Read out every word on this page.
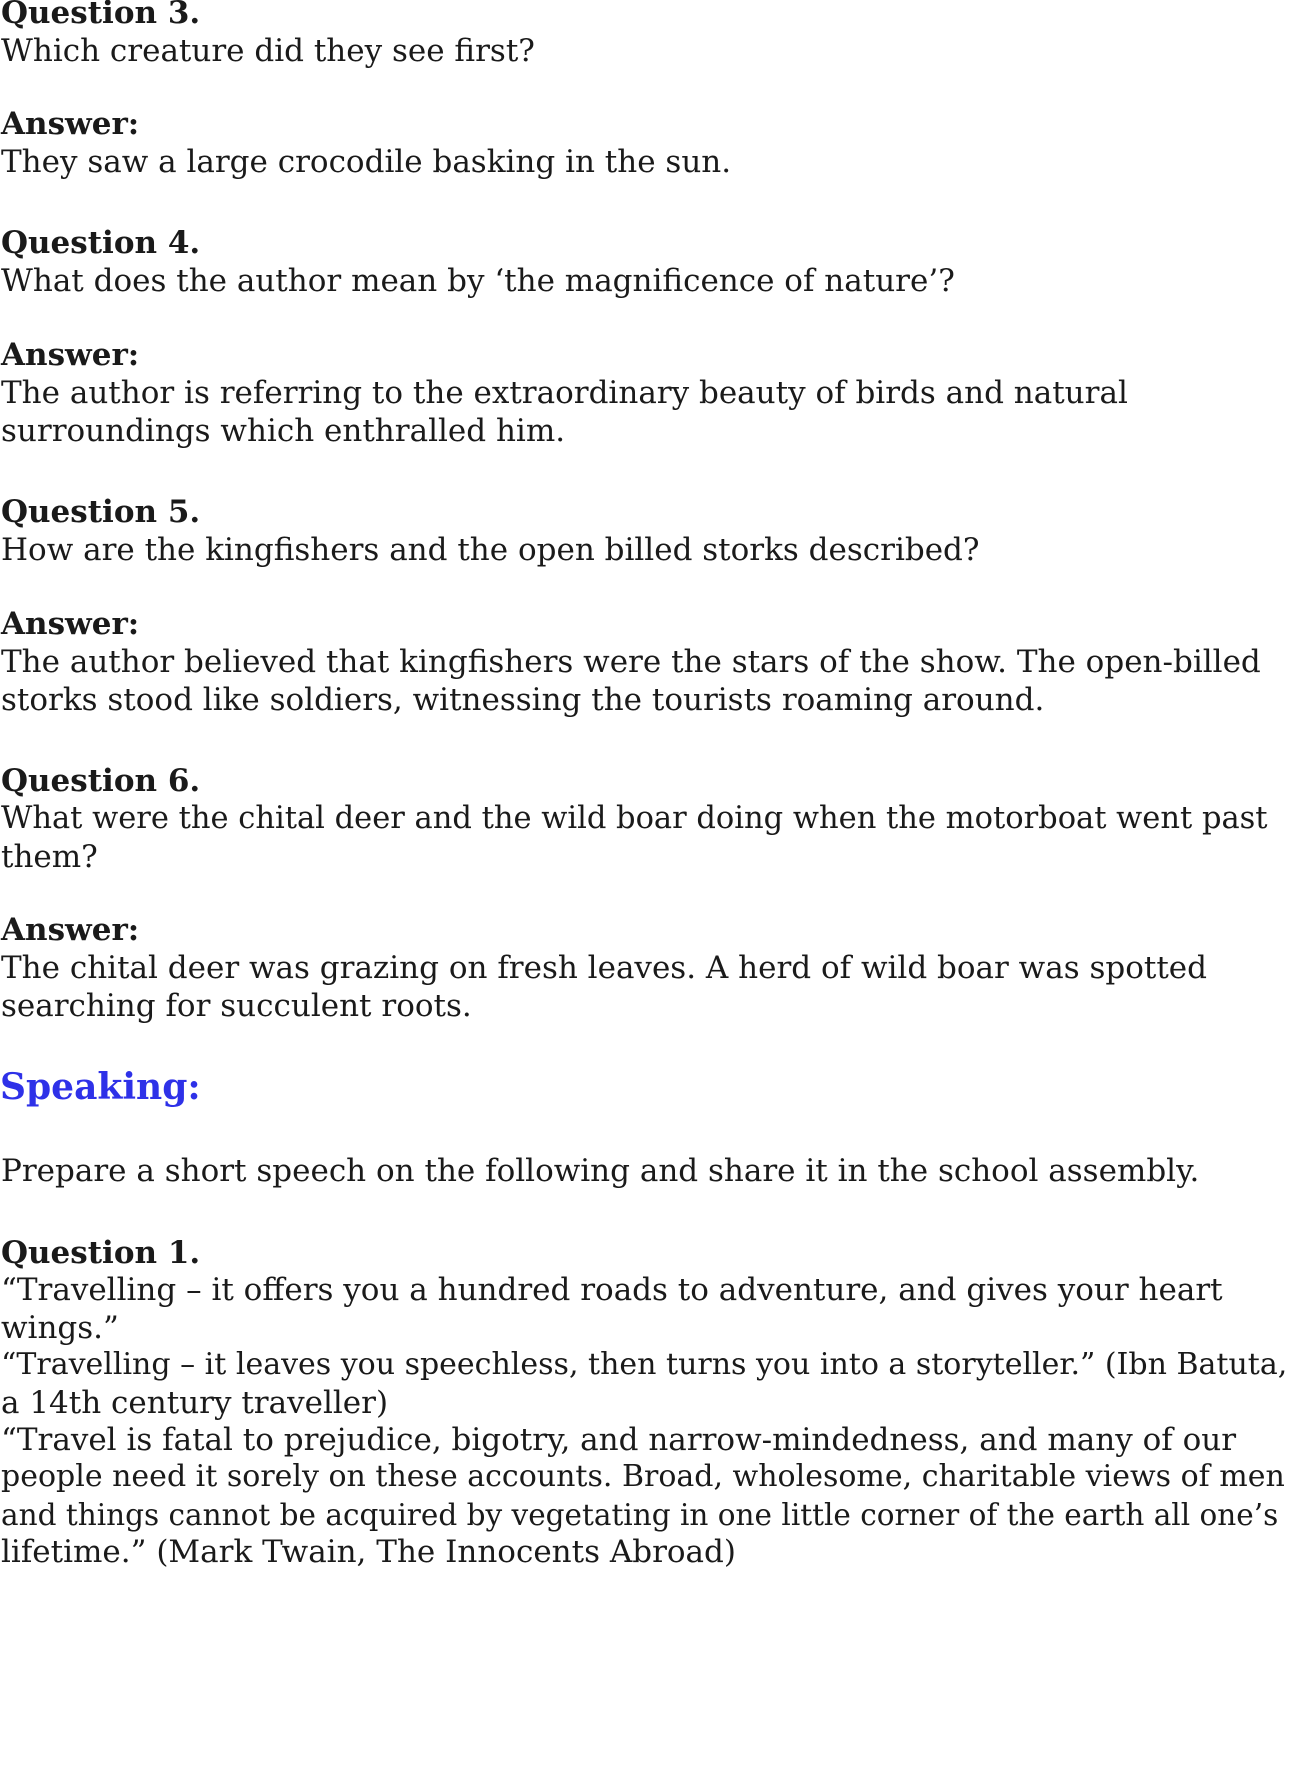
Question 3.

Which creature did they see first?

Answer:

They saw a large crocodile basking in the sun.

Question 4.

What does the author mean by ‘the magnificence of nature’?

Answer:

The author is referring to the extraordinary beauty of birds and natural

surroundings which enthralled him.

Question 5.

How are the kingfishers and the open billed storks described?

Answer:

The author believed that kingfishers were the stars of the show. The open-billed

storks stood like soldiers, witnessing the tourists roaming around.

Question 6.

What were the chital deer and the wild boar doing when the motorboat went past

them?

Answer:

The chital deer was grazing on fresh leaves. A herd of wild boar was spotted

searching for succulent roots.

Speaking:

Prepare a short speech on the following and share it in the school assembly.

Question 1.

“Travelling – it offers you a hundred roads to adventure, and gives your heart

wings.”

“Travelling – it leaves you speechless, then turns you into a storyteller.” (Ibn Batuta,

a 14th century traveller)

“Travel is fatal to prejudice, bigotry, and narrow-mindedness, and many of our

people need it sorely on these accounts. Broad, wholesome, charitable views of men

and things cannot be acquired by vegetating in one little corner of the earth all one’s

lifetime.” (Mark Twain, The Innocents Abroad)
